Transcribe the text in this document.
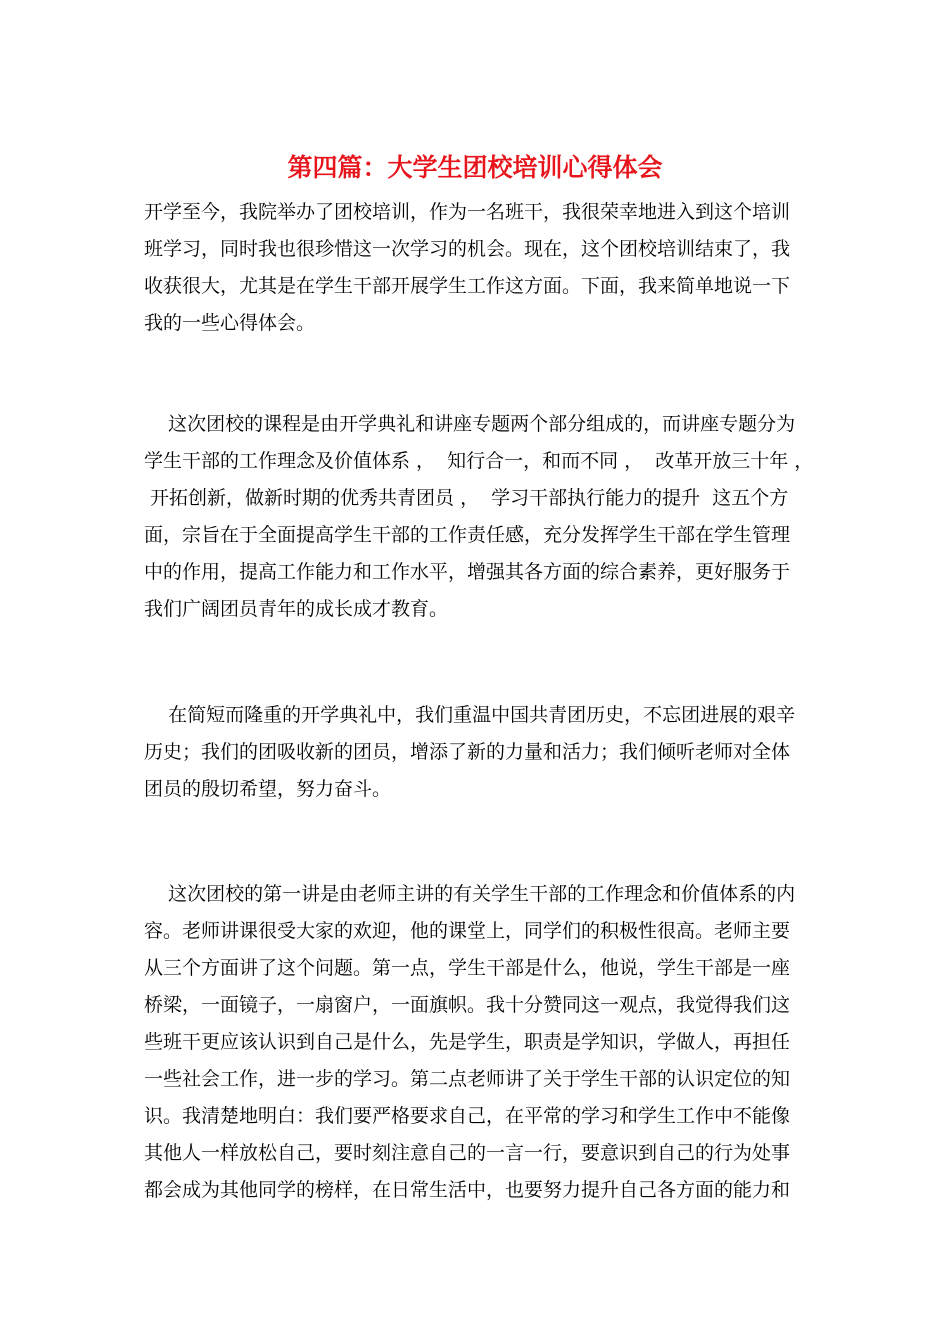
第四篇：大学生团校培训心得体会
开学至今，我院举办了团校培训，作为一名班干，我很荣幸地进入到这个培训
班学习，同时我也很珍惜这一次学习的机会。现在，这个团校培训结束了，我
收获很大，尤其是在学生干部开展学生工作这方面。下面，我来简单地说一下
我的一些心得体会。
这次团校的课程是由开学典礼和讲座专题两个部分组成的，而讲座专题分为
学生干部的工作理念及价值体系 ，  知行合一，和而不同 ，  改革开放三十年 ，
开拓创新，做新时期的优秀共青团员 ，  学习干部执行能力的提升  这五个方
面，宗旨在于全面提高学生干部的工作责任感，充分发挥学生干部在学生管理
中的作用，提高工作能力和工作水平，增强其各方面的综合素养，更好服务于
我们广阔团员青年的成长成才教育。
在简短而隆重的开学典礼中，我们重温中国共青团历史，不忘团进展的艰辛
历史；我们的团吸收新的团员，增添了新的力量和活力；我们倾听老师对全体
团员的殷切希望，努力奋斗。
这次团校的第一讲是由老师主讲的有关学生干部的工作理念和价值体系的内
容。老师讲课很受大家的欢迎，他的课堂上，同学们的积极性很高。老师主要
从三个方面讲了这个问题。第一点，学生干部是什么，他说，学生干部是一座
桥梁，一面镜子，一扇窗户，一面旗帜。我十分赞同这一观点，我觉得我们这
些班干更应该认识到自己是什么，先是学生，职责是学知识，学做人，再担任
一些社会工作，进一步的学习。第二点老师讲了关于学生干部的认识定位的知
识。我清楚地明白：我们要严格要求自己，在平常的学习和学生工作中不能像
其他人一样放松自己，要时刻注意自己的一言一行，要意识到自己的行为处事
都会成为其他同学的榜样，在日常生活中，也要努力提升自己各方面的能力和
